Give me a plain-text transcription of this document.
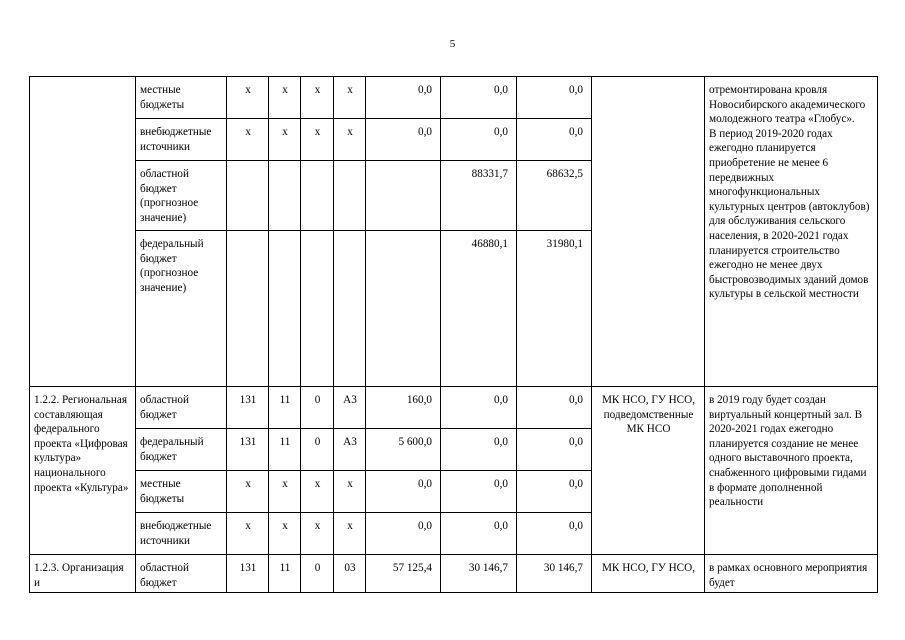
5
	местные бюджеты	х	х	х	х	0,0	0,0	0,0		отремонтирована кровля Новосибирского академического молодежного театра «Глобус».
В период 2019-2020 годах ежегодно планируется приобретение не менее 6 передвижных многофункциональных культурных центров (автоклубов) для обслуживания сельского населения, в 2020-2021 годах планируется строительство ежегодно не менее двух быстровозводимых зданий домов культуры в сельской местности
	внебюджетные источники	х	х	х	х	0,0	0,0	0,0		
	областной бюджет (прогнозное значение)						88331,7	68632,5		
	федеральный бюджет (прогнозное значение)						46880,1	31980,1		
1.2.2. Региональная составляющая федерального проекта «Цифровая культура» национального проекта «Культура»	областной бюджет	131	11	0	А3	160,0	0,0	0,0	МК НСО, ГУ НСО, подведомственные МК НСО	в 2019 году будет создан виртуальный концертный зал. В 2020-2021 годах ежегодно планируется создание не менее одного выставочного проекта, снабженного цифровыми гидами в формате дополненной реальности
	федеральный бюджет	131	11	0	А3	5 600,0	0,0	0,0		
	местные бюджеты	х	х	х	х	0,0	0,0	0,0		
	внебюджетные источники	х	х	х	х	0,0	0,0	0,0		
1.2.3. Организация и	областной бюджет	131	11	0	03	57 125,4	30 146,7	30 146,7	МК НСО, ГУ НСО,	в рамках основного мероприятия будет
